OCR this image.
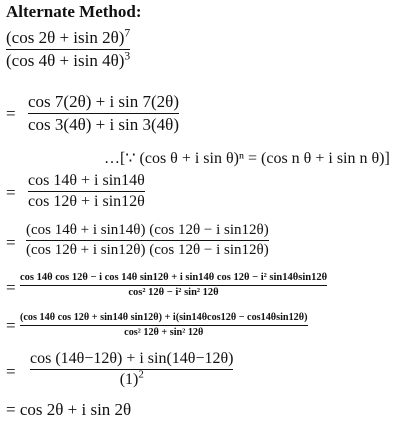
Alternate Method:
(cos 2θ + isin 2θ)$^7$
(cos 4θ + isin 4θ)$^3$
=
cos 7(2θ) + i sin 7(2θ)
cos 3(4θ) + i sin 3(4θ)
…[∵ (cos θ + i sin θ)ⁿ = (cos n θ + i sin n θ)]
=
cos 14θ + i sin14θ
cos 12θ + i sin12θ
=
(cos 14θ + i sin14θ) (cos 12θ − i sin12θ)
(cos 12θ + i sin12θ) (cos 12θ − i sin12θ)
=
cos 14θ cos 12θ − i cos 14θ sin12θ + i sin14θ cos 12θ − i² sin14θsin12θ
cos² 12θ − i² sin² 12θ
= (cos 14θ cos 12θ + sin14θ sin12θ) + i(sin14θcos12θ − cos14θsin12θ)
cos² 12θ + sin² 12θ
=
cos (14θ−12θ) + i sin(14θ−12θ)
$(1)^2$
= cos 2θ + i sin 2θ
